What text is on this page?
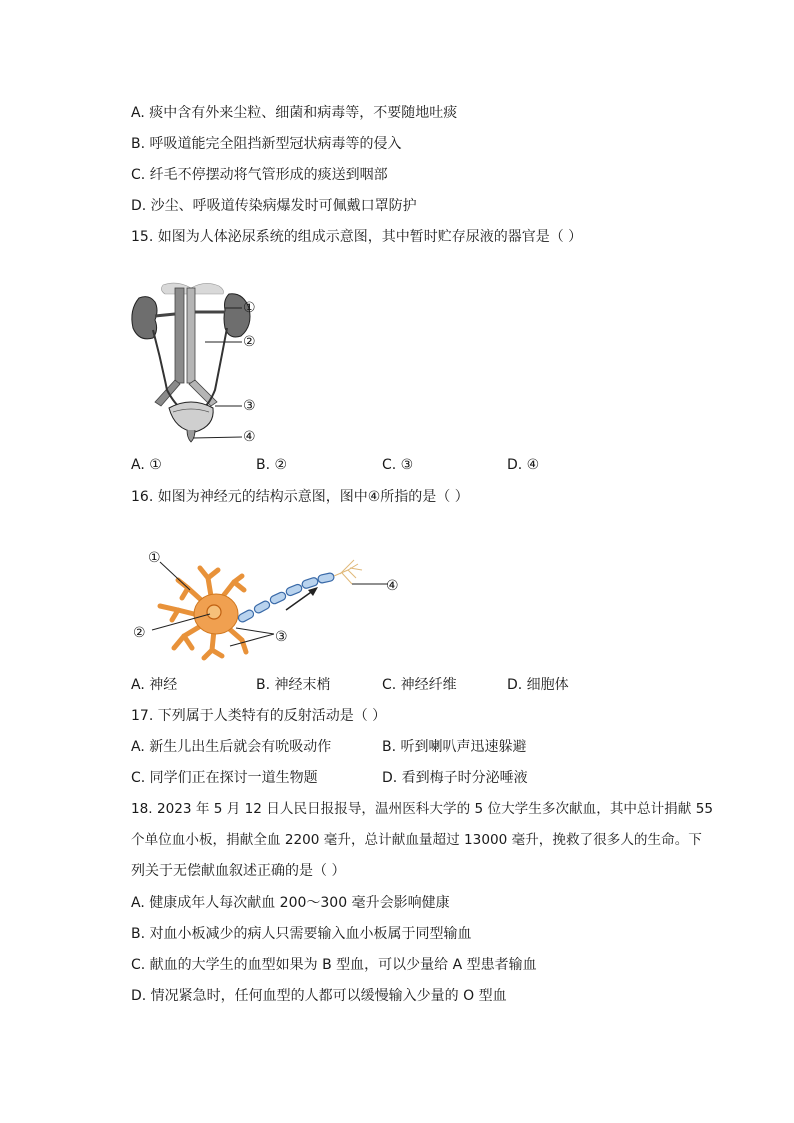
A. 痰中含有外来尘粒、细菌和病毒等，不要随地吐痰
B. 呼吸道能完全阻挡新型冠状病毒等的侵入
C. 纤毛不停摆动将气管形成的痰送到咽部
D. 沙尘、呼吸道传染病爆发时可佩戴口罩防护
15. 如图为人体泌尿系统的组成示意图，其中暂时贮存尿液的器官是（ ）
①
②
③
④
A. ①	B. ②	C. ③	D. ④
16. 如图为神经元的结构示意图，图中④所指的是（ ）
①
②	③
④
A. 神经	B. 神经末梢	C. 神经纤维	D. 细胞体
17. 下列属于人类特有的反射活动是（ ）
A. 新生儿出生后就会有吮吸动作	B. 听到喇叭声迅速躲避
C. 同学们正在探讨一道生物题	D. 看到梅子时分泌唾液
18. 2023 年 5 月 12 日人民日报报导，温州医科大学的 5 位大学生多次献血，其中总计捐献 55
个单位血小板，捐献全血 2200 毫升，总计献血量超过 13000 毫升，挽救了很多人的生命。下
列关于无偿献血叙述正确的是（ ）
A. 健康成年人每次献血 200～300 毫升会影响健康
B. 对血小板减少的病人只需要输入血小板属于同型输血
C. 献血的大学生的血型如果为 B 型血，可以少量给 A 型患者输血
D. 情况紧急时，任何血型的人都可以缓慢输入少量的 O 型血
